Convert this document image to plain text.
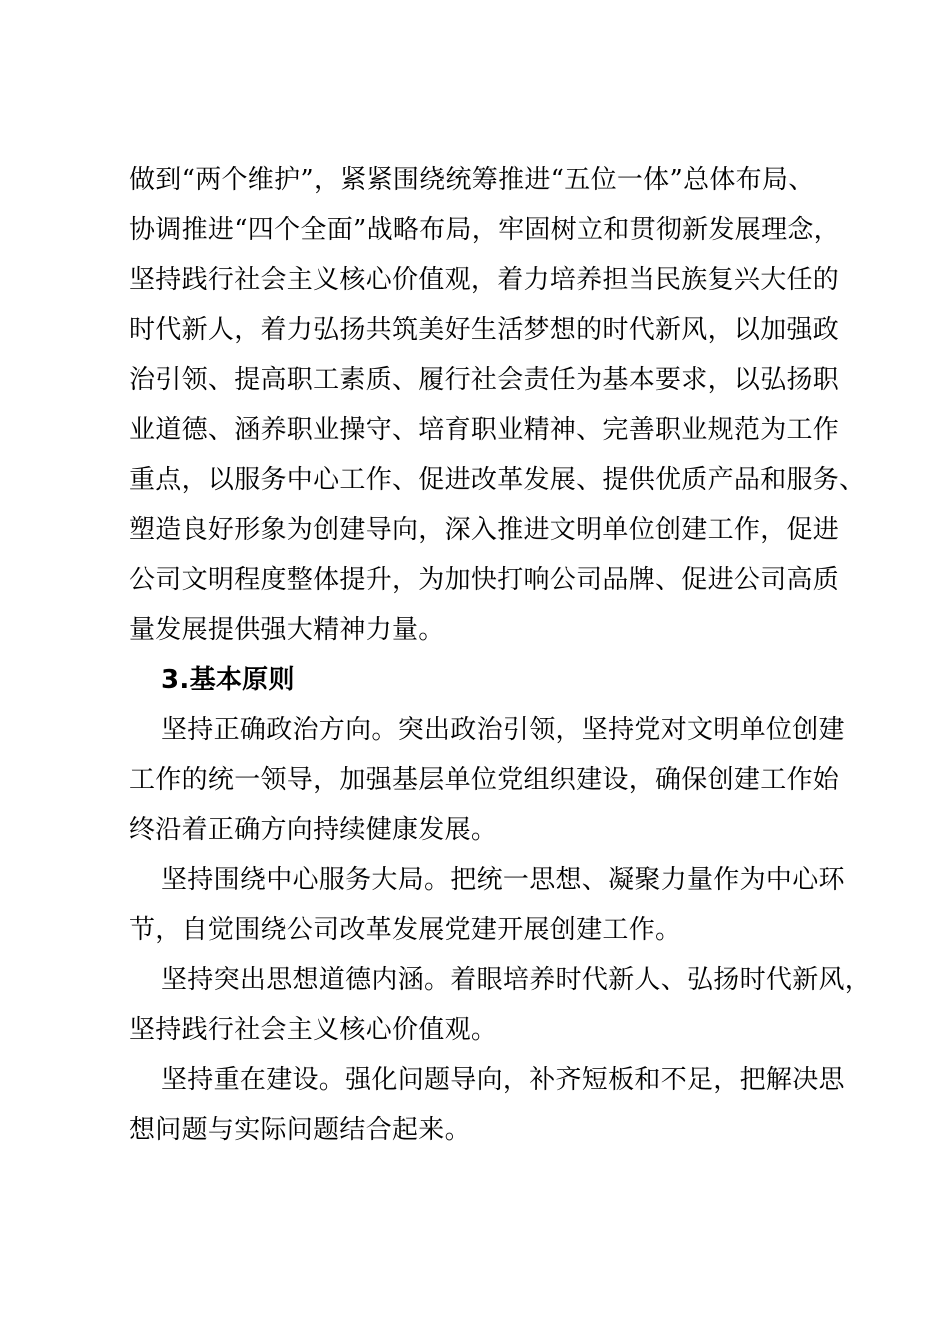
做到“两个维护”，紧紧围绕统筹推进“五位一体”总体布局、
协调推进“四个全面”战略布局，牢固树立和贯彻新发展理念，
坚持践行社会主义核心价值观，着力培养担当民族复兴大任的
时代新人，着力弘扬共筑美好生活梦想的时代新风，以加强政
治引领、提高职工素质、履行社会责任为基本要求，以弘扬职
业道德、涵养职业操守、培育职业精神、完善职业规范为工作
重点，以服务中心工作、促进改革发展、提供优质产品和服务、
塑造良好形象为创建导向，深入推进文明单位创建工作，促进
公司文明程度整体提升，为加快打响公司品牌、促进公司高质
量发展提供强大精神力量。
3.基本原则
坚持正确政治方向。突出政治引领，坚持党对文明单位创建
工作的统一领导，加强基层单位党组织建设，确保创建工作始
终沿着正确方向持续健康发展。
坚持围绕中心服务大局。把统一思想、凝聚力量作为中心环
节，自觉围绕公司改革发展党建开展创建工作。
坚持突出思想道德内涵。着眼培养时代新人、弘扬时代新风，
坚持践行社会主义核心价值观。
坚持重在建设。强化问题导向，补齐短板和不足，把解决思
想问题与实际问题结合起来。
